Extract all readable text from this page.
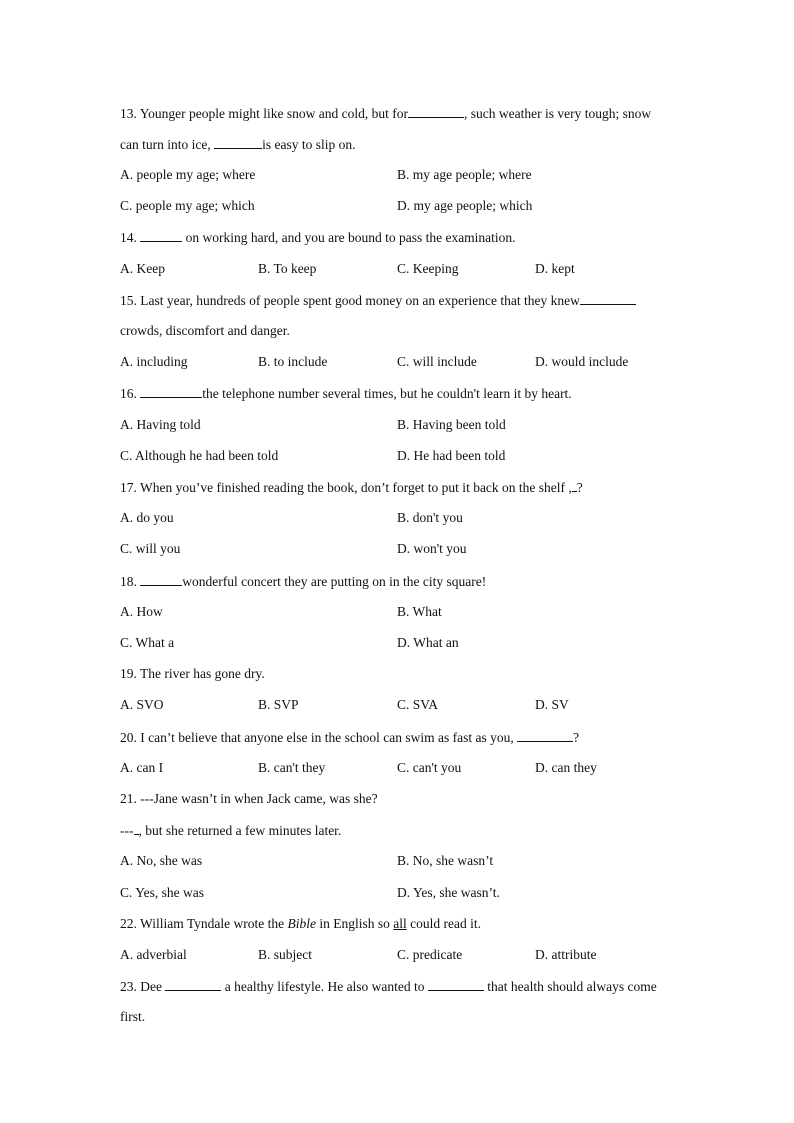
13. Younger people might like snow and cold, but for	, such weather is very tough; snow
can turn into ice,	is easy to slip on.
A. people my age; where	B. my age people; where
C. people my age; which	D. my age people; which
14.	on working hard, and you are bound to pass the examination.
A. Keep	B. To keep	C. Keeping	D. kept
15. Last year, hundreds of people spent good money on an experience that they knew
crowds, discomfort and danger.
A. including	B. to include	C. will include	D. would include
16.	the telephone number several times, but he couldn't learn it by heart.
A. Having told	B. Having been told
C. Although he had been told	D. He had been told
17. When you’ve finished reading the book, don’t forget to put it back on the shelf , ?
A. do you	B. don't you
C. will you	D. won't you
18.	wonderful concert they are putting on in the city square!
A. How	B. What
C. What a	D. What an
19. The river has gone dry.
A. SVO	B. SVP	C. SVA	D. SV
20. I can’t believe that anyone else in the school can swim as fast as you,	?
A. can I	B. can't they	C. can't you	D. can they
21. ---Jane wasn’t in when Jack came, was she?
--- , but she returned a few minutes later.
A. No, she was	B. No, she wasn’t
C. Yes, she was	D. Yes, she wasn’t.
22. William Tyndale wrote the Bible in English so all could read it.
A. adverbial	B. subject	C. predicate	D. attribute
23. Dee	a healthy lifestyle. He also wanted to	that health should always come
first.
